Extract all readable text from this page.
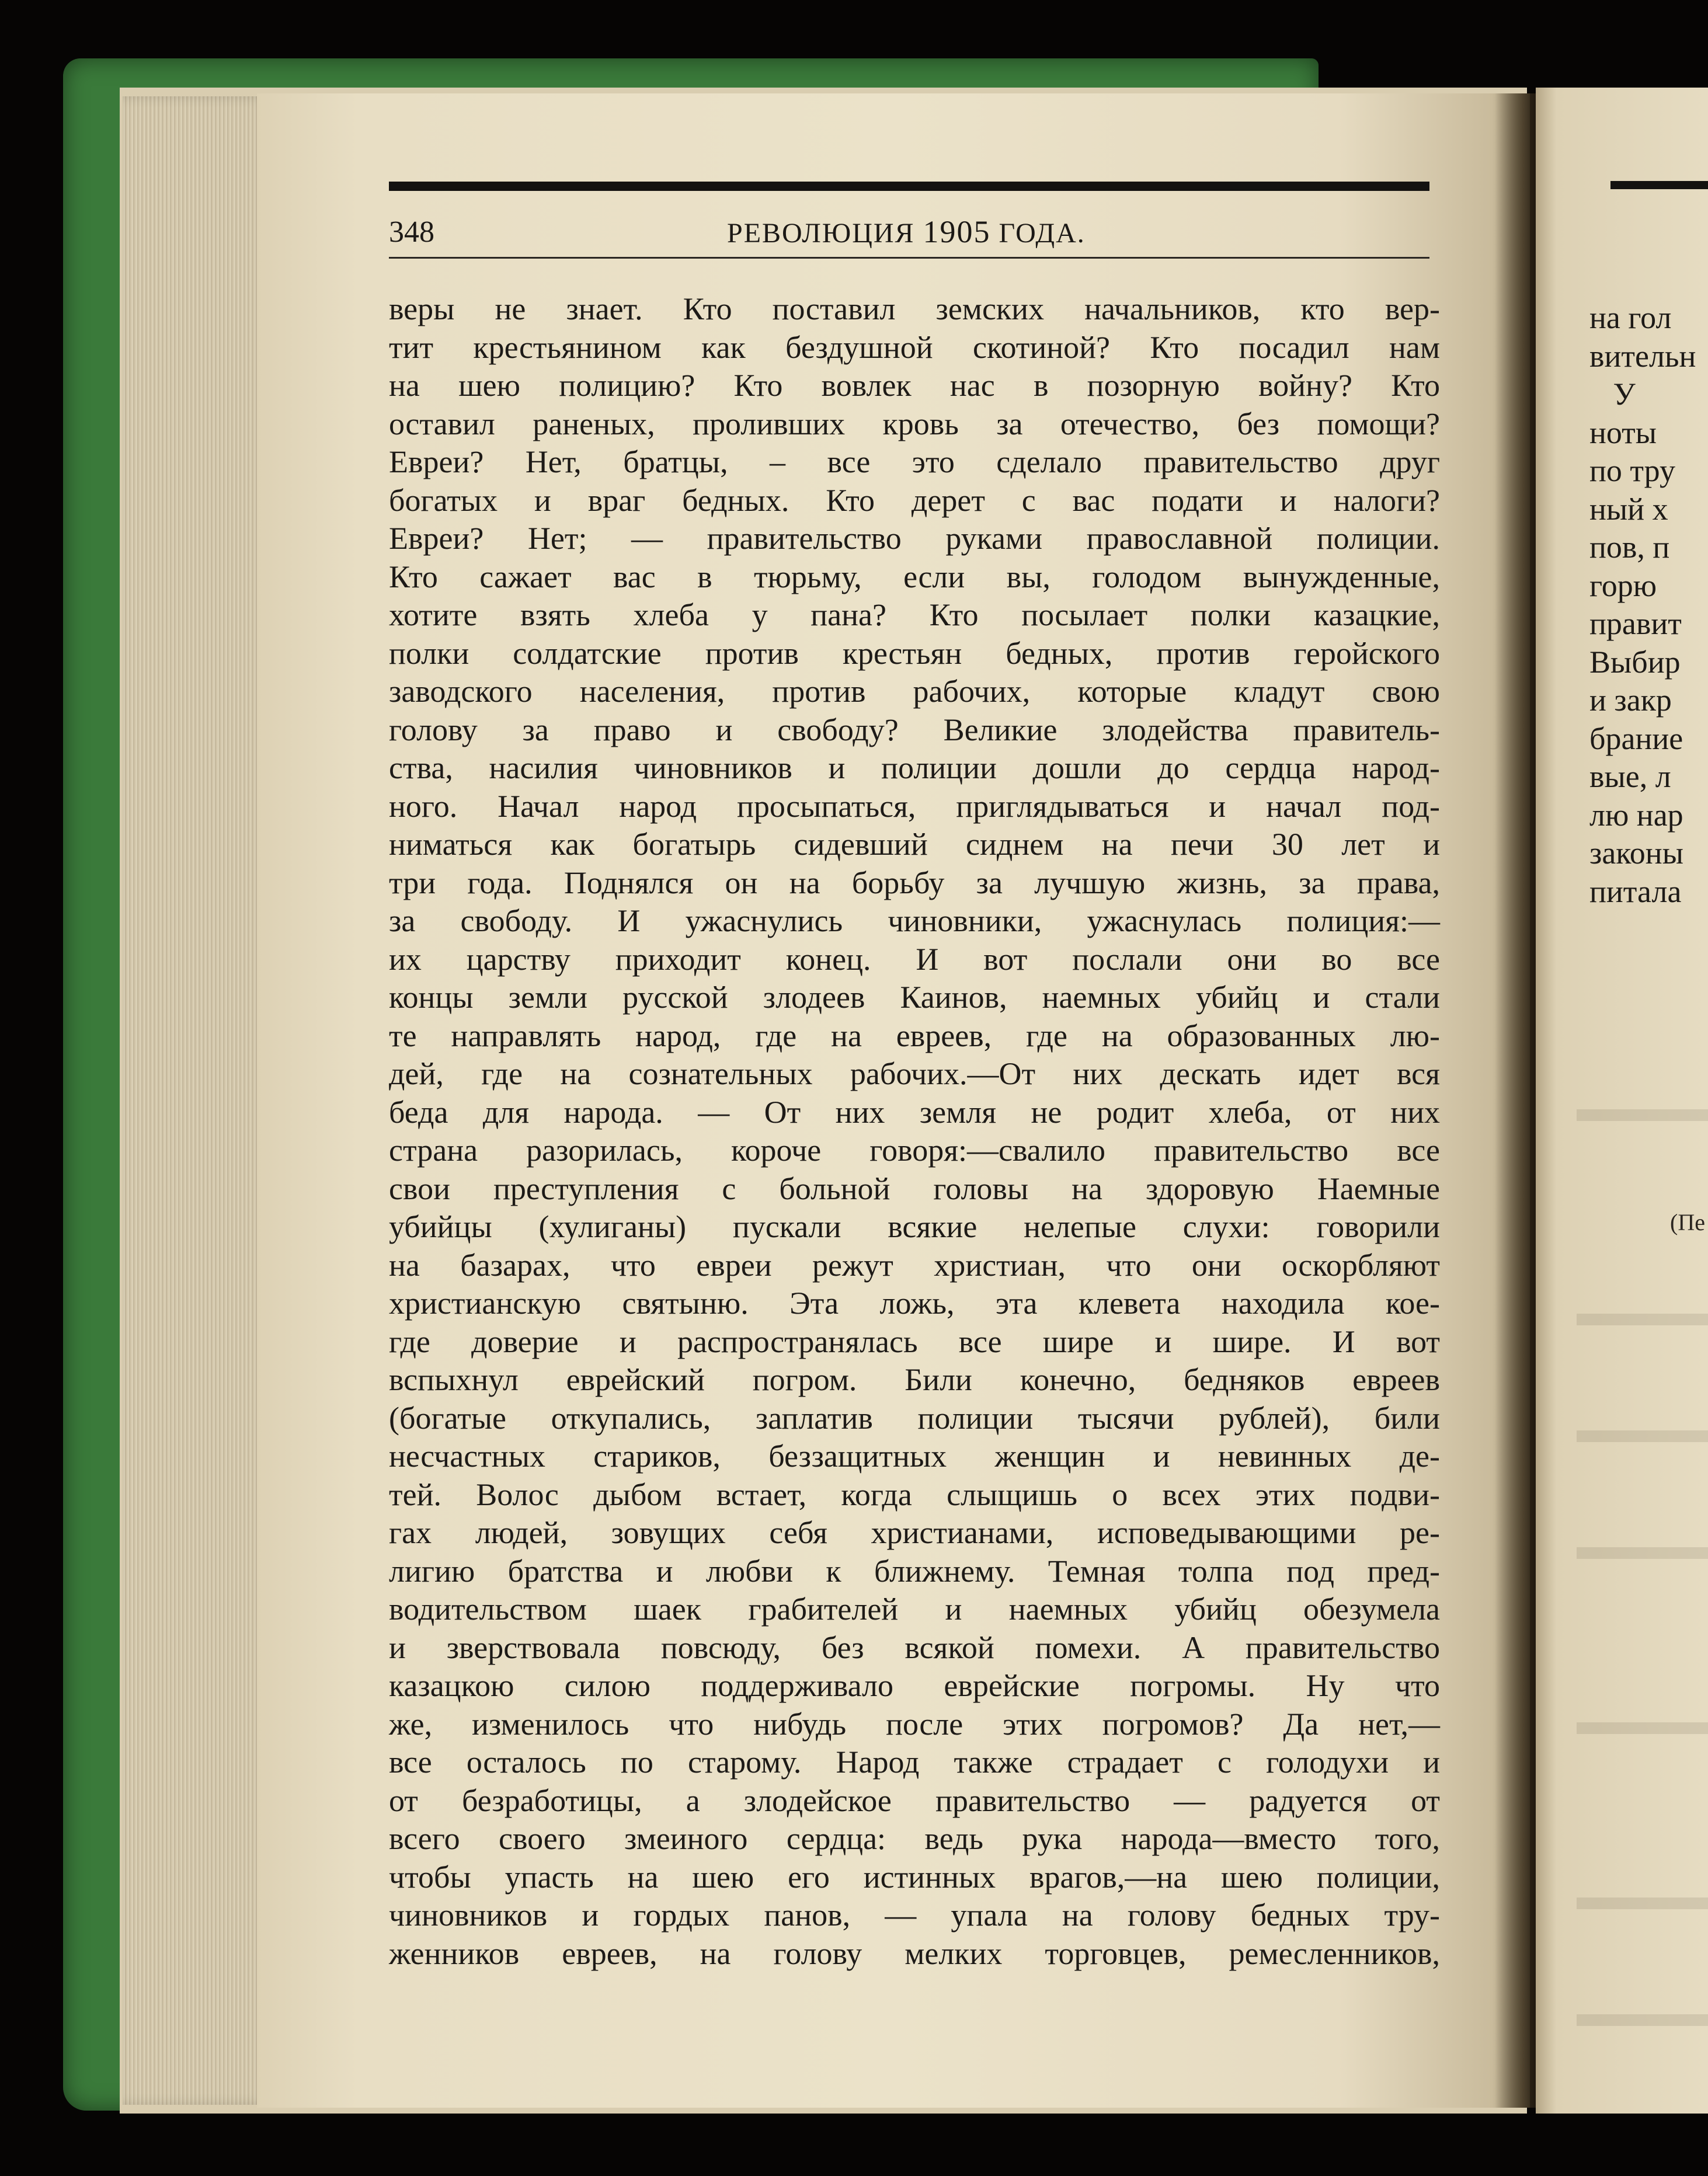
на гол
вительн
У
ноты
по тру
ный х
пов, п
горю
правит
Выбир
и закр
брание
вые, л
лю нар
законы
питала
(Пе
348	РЕВОЛЮЦИЯ 1905 ГОДА.
веры не знает. Кто поставил земских начальников, кто вер-
тит крестьянином как бездушной скотиной? Кто посадил нам
на шею полицию? Кто вовлек нас в позорную войну? Кто
оставил раненых, проливших кровь за отечество, без помощи?
Евреи? Нет, братцы, – все это сделало правительство друг
богатых и враг бедных. Кто дерет с вас подати и налоги?
Евреи? Нет; — правительство руками православной полиции.
Кто сажает вас в тюрьму, если вы, голодом вынужденные,
хотите взять хлеба у пана? Кто посылает полки казацкие,
полки солдатские против крестьян бедных, против геройского
заводского населения, против рабочих, которые кладут свою
голову за право и свободу? Великие злодейства правитель-
ства, насилия чиновников и полиции дошли до сердца народ-
ного. Начал народ просыпаться, приглядываться и начал под-
ниматься как богатырь сидевший сиднем на печи 30 лет и
три года. Поднялся он на борьбу за лучшую жизнь, за права,
за свободу. И ужаснулись чиновники, ужаснулась полиция:—
их царству приходит конец. И вот послали они во все
концы земли русской злодеев Каинов, наемных убийц и стали
те направлять народ, где на евреев, где на образованных лю-
дей, где на сознательных рабочих.—От них дескать идет вся
беда для народа. — От них земля не родит хлеба, от них
страна разорилась, короче говоря:—свалило правительство все
свои преступления с больной головы на здоровую Наемные
убийцы (хулиганы) пускали всякие нелепые слухи: говорили
на базарах, что евреи режут христиан, что они оскорбляют
христианскую святыню. Эта ложь, эта клевета находила кое-
где доверие и распространялась все шире и шире. И вот
вспыхнул еврейский погром. Били конечно, бедняков евреев
(богатые откупались, заплатив полиции тысячи рублей), били
несчастных стариков, беззащитных женщин и невинных де-
тей. Волос дыбом встает, когда слыщишь о всех этих подви-
гах людей, зовущих себя христианами, исповедывающими ре-
лигию братства и любви к ближнему. Темная толпа под пред-
водительством шаек грабителей и наемных убийц обезумела
и зверствовала повсюду, без всякой помехи. А правительство
казацкою силою поддерживало еврейские погромы. Ну что
же, изменилось что нибудь после этих погромов? Да нет,—
все осталось по старому. Народ также страдает с голодухи и
от безработицы, а злодейское правительство — радуется от
всего своего змеиного сердца: ведь рука народа—вместо того,
чтобы упасть на шею его истинных врагов,—на шею полиции,
чиновников и гордых панов, — упала на голову бедных тру-
женников евреев, на голову мелких торговцев, ремесленников,
